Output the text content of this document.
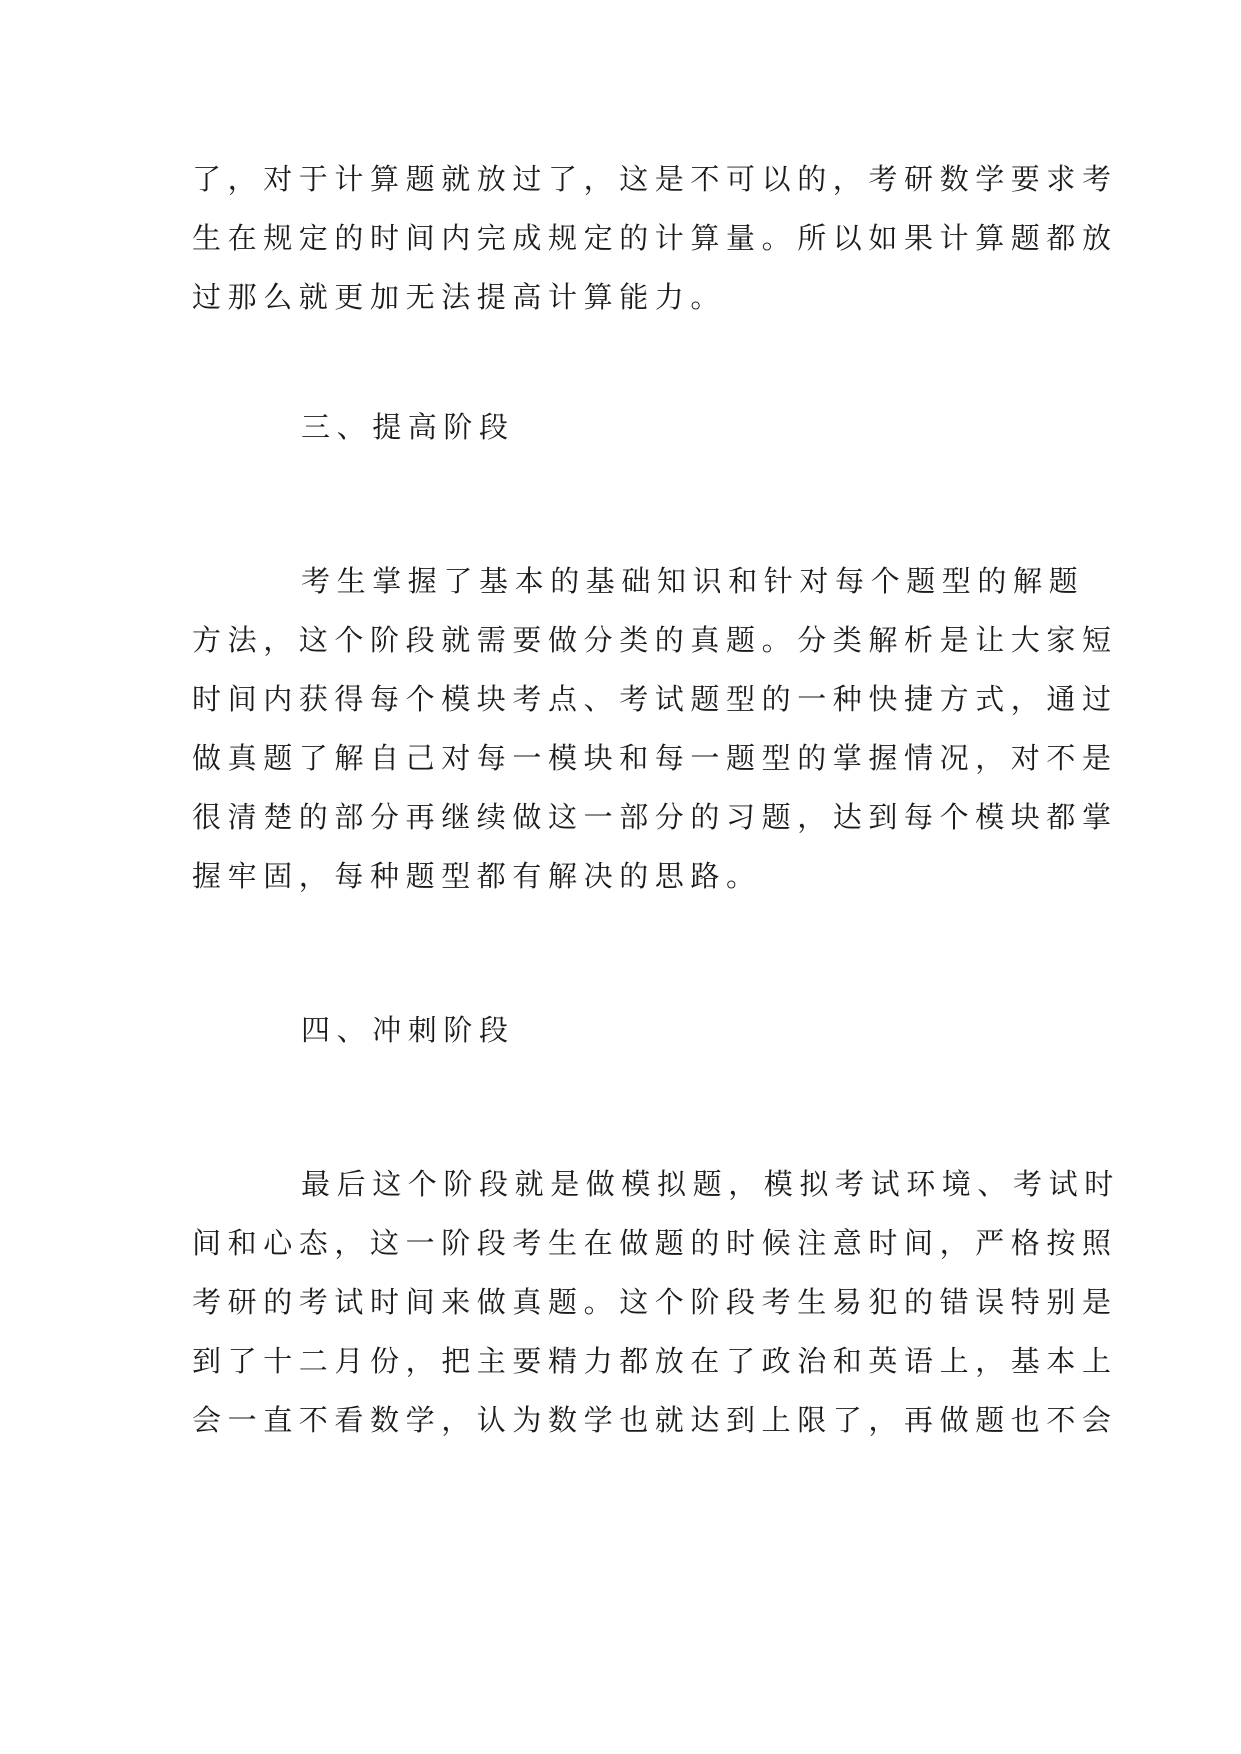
了，对于计算题就放过了，这是不可以的，考研数学要求考
生在规定的时间内完成规定的计算量。所以如果计算题都放
过那么就更加无法提高计算能力。
三、提高阶段
考生掌握了基本的基础知识和针对每个题型的解题
方法，这个阶段就需要做分类的真题。分类解析是让大家短
时间内获得每个模块考点、考试题型的一种快捷方式，通过
做真题了解自己对每一模块和每一题型的掌握情况，对不是
很清楚的部分再继续做这一部分的习题，达到每个模块都掌
握牢固，每种题型都有解决的思路。
四、冲刺阶段
最后这个阶段就是做模拟题，模拟考试环境、考试时
间和心态，这一阶段考生在做题的时候注意时间，严格按照
考研的考试时间来做真题。这个阶段考生易犯的错误特别是
到了十二月份，把主要精力都放在了政治和英语上，基本上
会一直不看数学，认为数学也就达到上限了，再做题也不会
